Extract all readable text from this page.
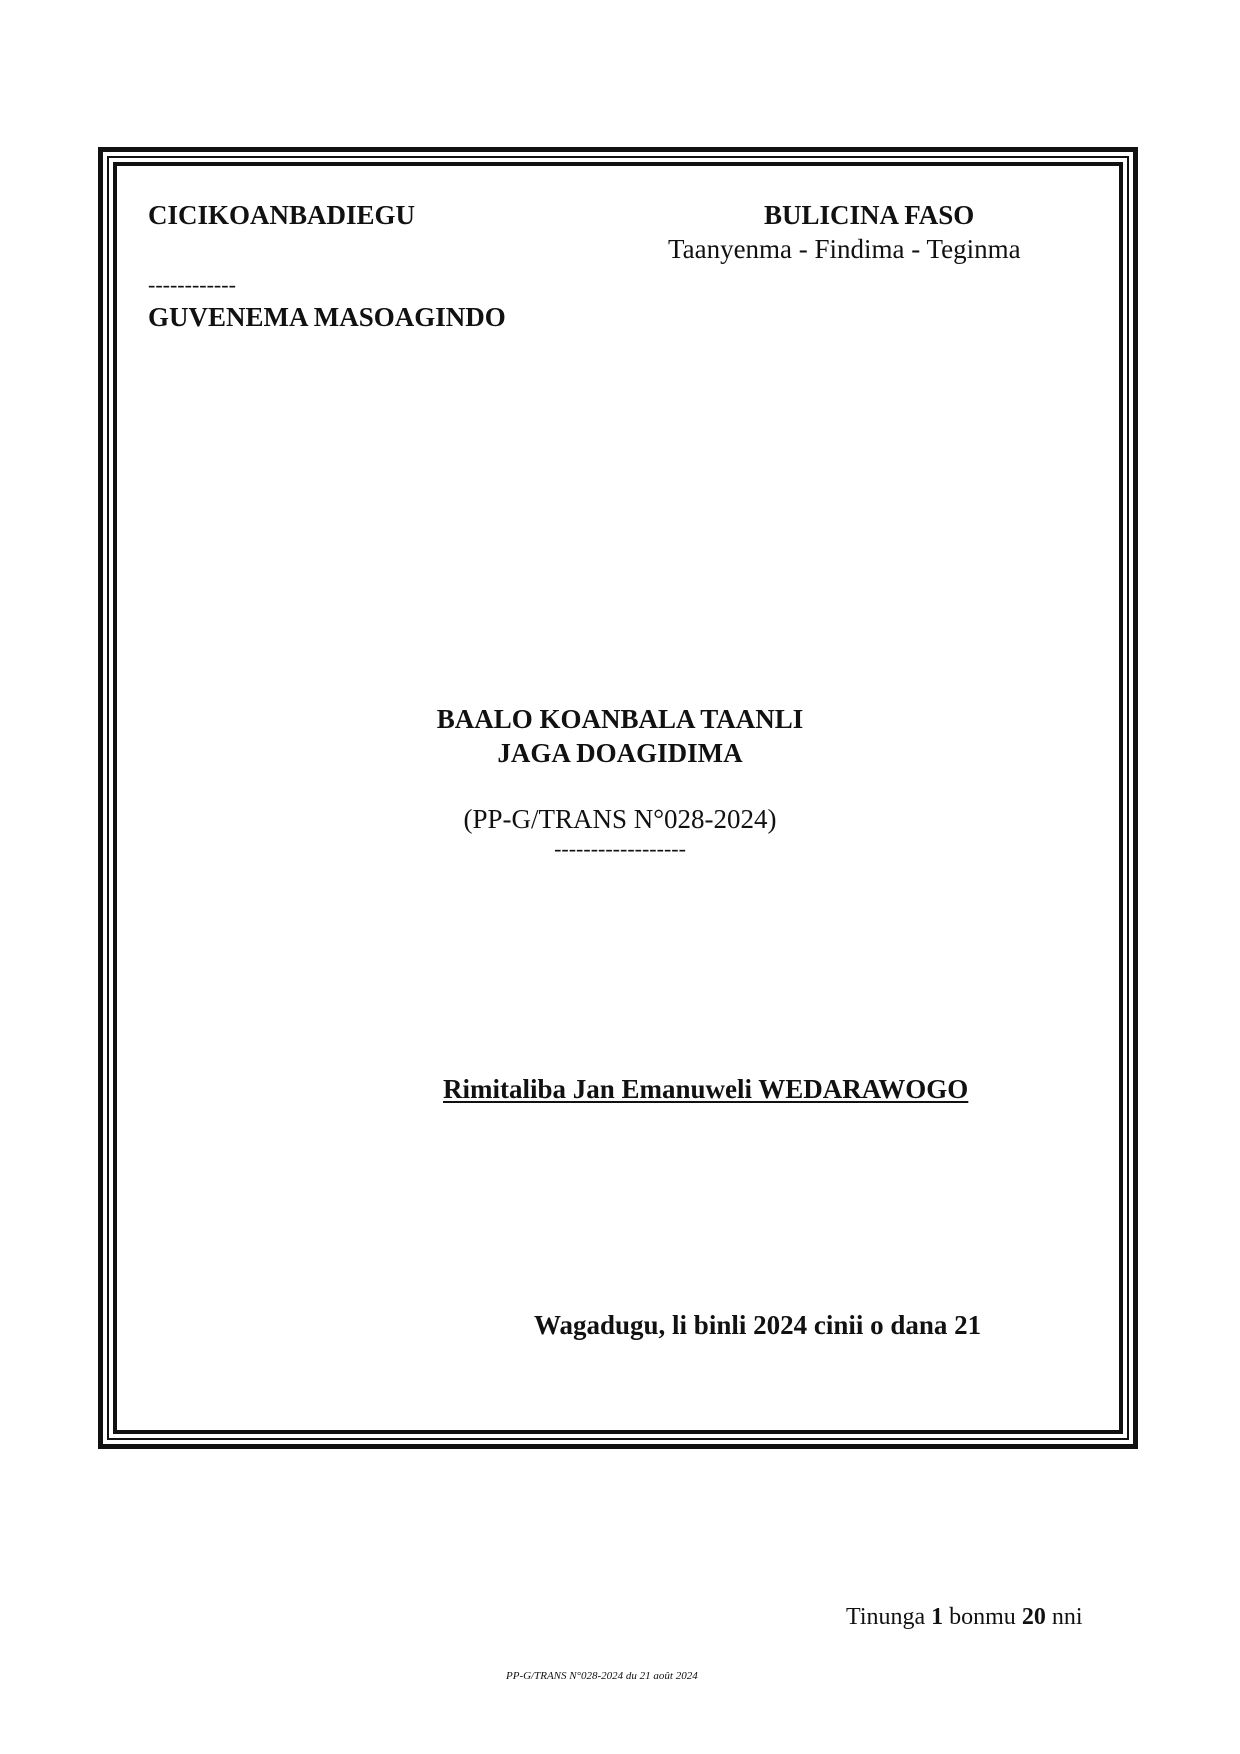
CICIKOANBADIEGU
------------
GUVENEMA MASOAGINDO
BULICINA FASO
Taanyenma - Findima - Teginma
BAALO KOANBALA TAANLI
JAGA DOAGIDIMA
(PP-G/TRANS N°028-2024)
------------------
Rimitaliba Jan Emanuweli WEDARAWOGO
Wagadugu, li binli 2024 cinii o dana 21
Tinunga 1 bonmu 20 nni
PP-G/TRANS N°028-2024 du 21 août 2024
